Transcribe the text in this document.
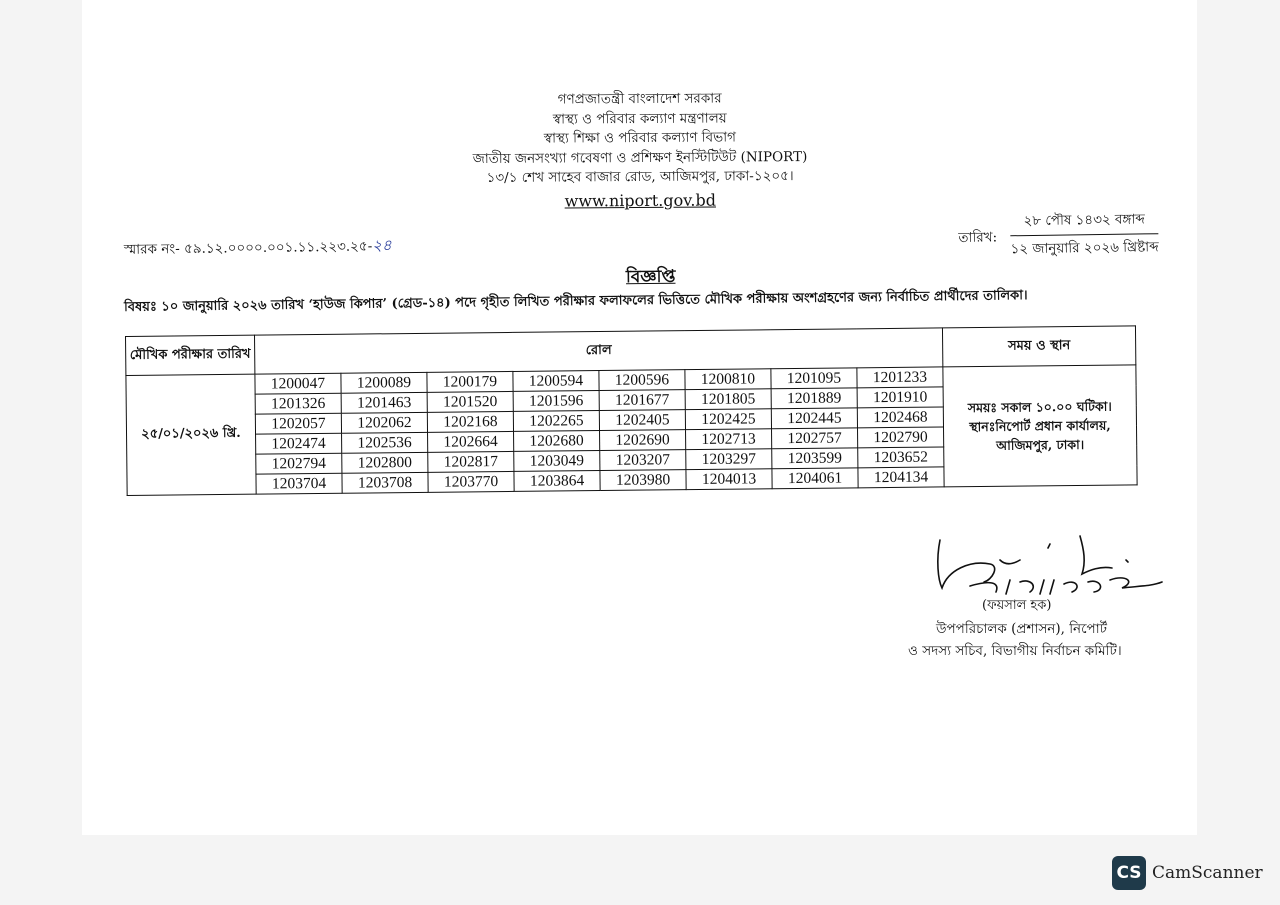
গণপ্রজাতন্ত্রী বাংলাদেশ সরকার
স্বাস্থ্য ও পরিবার কল্যাণ মন্ত্রণালয়
স্বাস্থ্য শিক্ষা ও পরিবার কল্যাণ বিভাগ
জাতীয় জনসংখ্যা গবেষণা ও প্রশিক্ষণ ইনস্টিটিউট (NIPORT)
১৩/১ শেখ সাহেব বাজার রোড, আজিমপুর, ঢাকা-১২০৫।
www.niport.gov.bd
স্মারক নং- ৫৯.১২.০০০০.০০১.১১.২২৩.২৫-২৪	তারিখ:
২৮ পৌষ ১৪৩২ বঙ্গাব্দ
১২ জানুয়ারি ২০২৬ খ্রিষ্টাব্দ
বিজ্ঞপ্তি
বিষয়ঃ ১০ জানুয়ারি ২০২৬ তারিখ ‘হাউজ কিপার’ (গ্রেড-১৪) পদে গৃহীত লিখিত পরীক্ষার ফলাফলের ভিত্তিতে মৌখিক পরীক্ষায় অংশগ্রহণের জন্য নির্বাচিত প্রার্থীদের তালিকা।
মৌখিক পরীক্ষার তারিখ	রোল								সময় ও স্থান
২৫/০১/২০২৬ খ্রি.	1200047	1200089	1200179	1200594	1200596	1200810	1201095	1201233	সময়ঃ সকাল ১০.০০ ঘটিকা।
স্থানঃনিপোর্ট প্রধান কার্যালয়,
আজিমপুর, ঢাকা।

	1201326	1201463	1201520	1201596	1201677	1201805	1201889	1201910	
	1202057	1202062	1202168	1202265	1202405	1202425	1202445	1202468	
	1202474	1202536	1202664	1202680	1202690	1202713	1202757	1202790	
	1202794	1202800	1202817	1203049	1203207	1203297	1203599	1203652	
	1203704	1203708	1203770	1203864	1203980	1204013	1204061	1204134	
(ফয়সাল হক)
উপপরিচালক (প্রশাসন), নিপোর্ট
ও সদস্য সচিব, বিভাগীয় নির্বাচন কমিটি।
CS CamScanner
